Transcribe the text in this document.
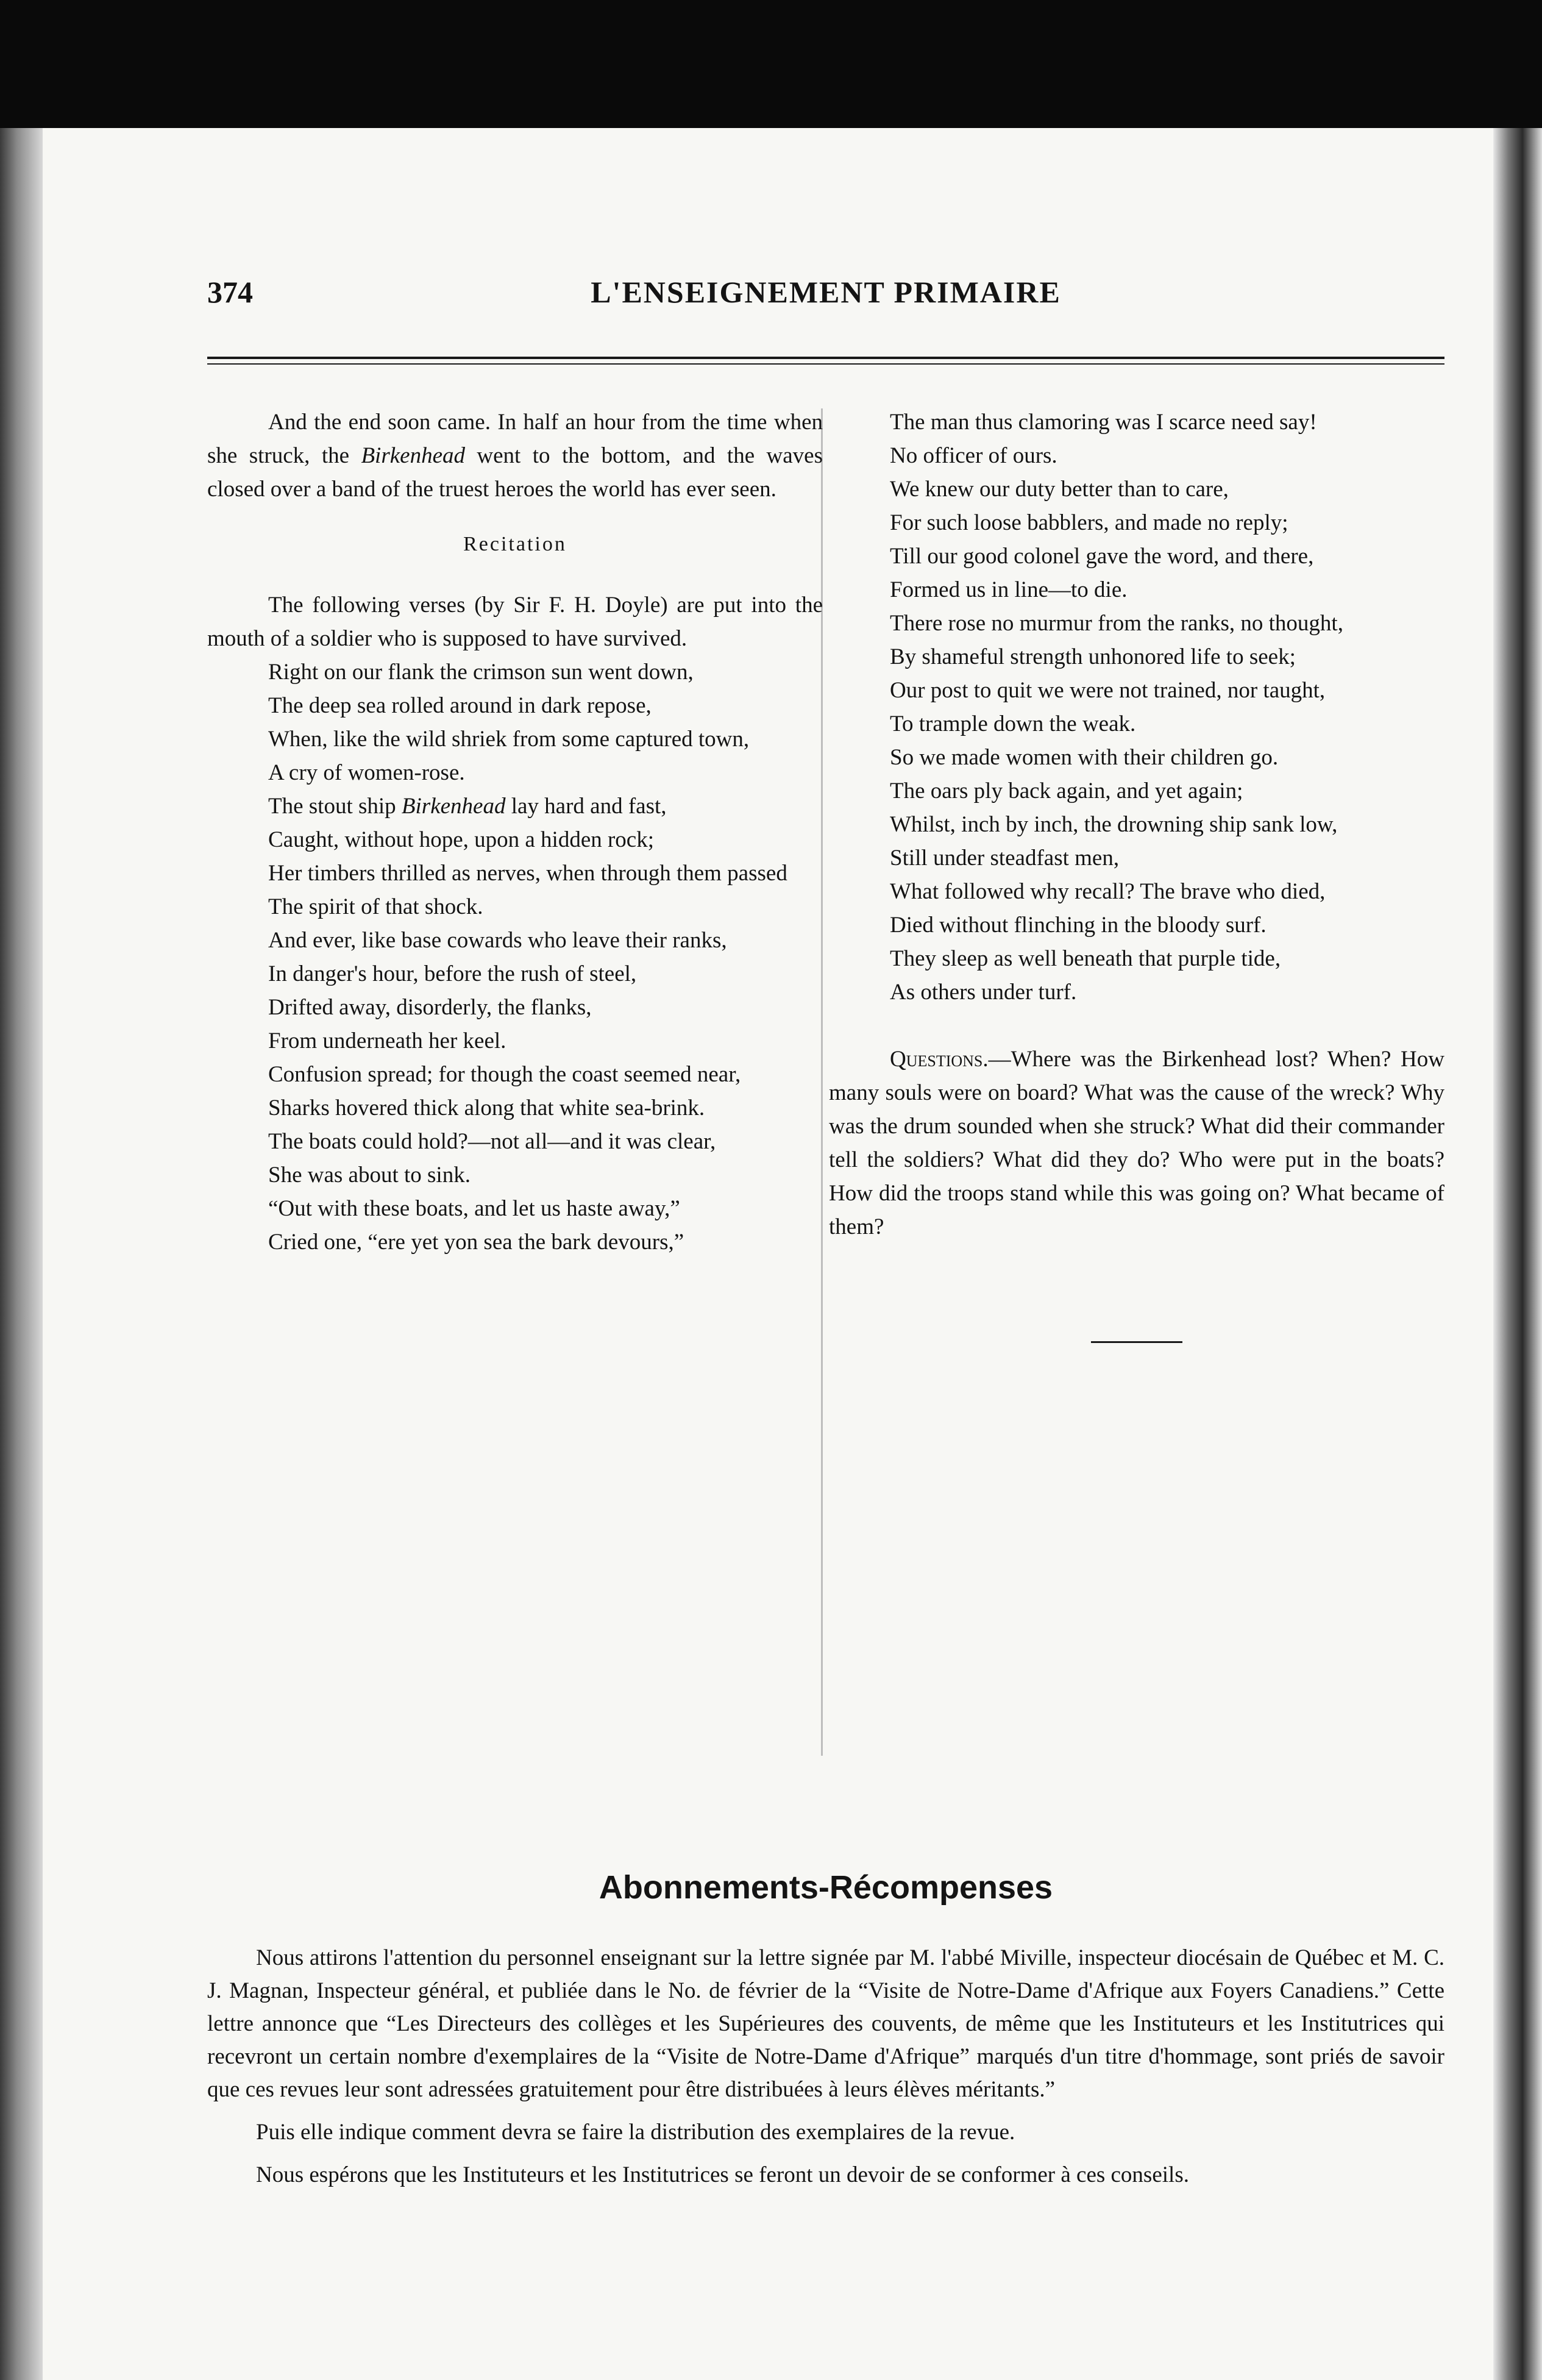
L'ENSEIGNEMENT PRIMAIRE
374

And the end soon came. In half an hour from the time when she struck, the Birkenhead went to the bottom, and the waves closed over a band of the truest heroes the world has ever seen.

Recitation

The following verses (by Sir F. H. Doyle) are put into the mouth of a soldier who is supposed to have survived.

Right on our flank the crimson sun went down,

The deep sea rolled around in dark repose,

When, like the wild shriek from some captured town,

A cry of women-rose.

The stout ship Birkenhead lay hard and fast,

Caught, without hope, upon a hidden rock;

Her timbers thrilled as nerves, when through them passed

The spirit of that shock.

And ever, like base cowards who leave their ranks,

In danger's hour, before the rush of steel,

Drifted away, disorderly, the flanks,

From underneath her keel.

Confusion spread; for though the coast seemed near,

Sharks hovered thick along that white sea-brink.

The boats could hold?—not all—and it was clear,

She was about to sink.

“Out with these boats, and let us haste away,”

Cried one, “ere yet yon sea the bark devours,”

The man thus clamoring was I scarce need say!

No officer of ours.

We knew our duty better than to care,

For such loose babblers, and made no reply;

Till our good colonel gave the word, and there,

Formed us in line—to die.

There rose no murmur from the ranks, no thought,

By shameful strength unhonored life to seek;

Our post to quit we were not trained, nor taught,

To trample down the weak.

So we made women with their children go.

The oars ply back again, and yet again;

Whilst, inch by inch, the drowning ship sank low,

Still under steadfast men,

What followed why recall? The brave who died,

Died without flinching in the bloody surf.

They sleep as well beneath that purple tide,

As others under turf.

Questions.—Where was the Birkenhead lost? When? How many souls were on board? What was the cause of the wreck? Why was the drum sounded when she struck? What did their commander tell the soldiers? What did they do? Who were put in the boats? How did the troops stand while this was going on? What became of them?

Abonnements-Récompenses

Nous attirons l'attention du personnel enseignant sur la lettre signée par M. l'abbé Miville, inspecteur diocésain de Québec et M. C. J. Magnan, Inspecteur général, et publiée dans le No. de février de la “Visite de Notre-Dame d'Afrique aux Foyers Canadiens.” Cette lettre annonce que “Les Directeurs des collèges et les Supérieures des couvents, de même que les Instituteurs et les Institutrices qui recevront un certain nombre d'exemplaires de la “Visite de Notre-Dame d'Afrique” marqués d'un titre d'hommage, sont priés de savoir que ces revues leur sont adressées gratuitement pour être distribuées à leurs élèves méritants.”

Puis elle indique comment devra se faire la distribution des exemplaires de la revue.

Nous espérons que les Instituteurs et les Institutrices se feront un devoir de se conformer à ces conseils.
